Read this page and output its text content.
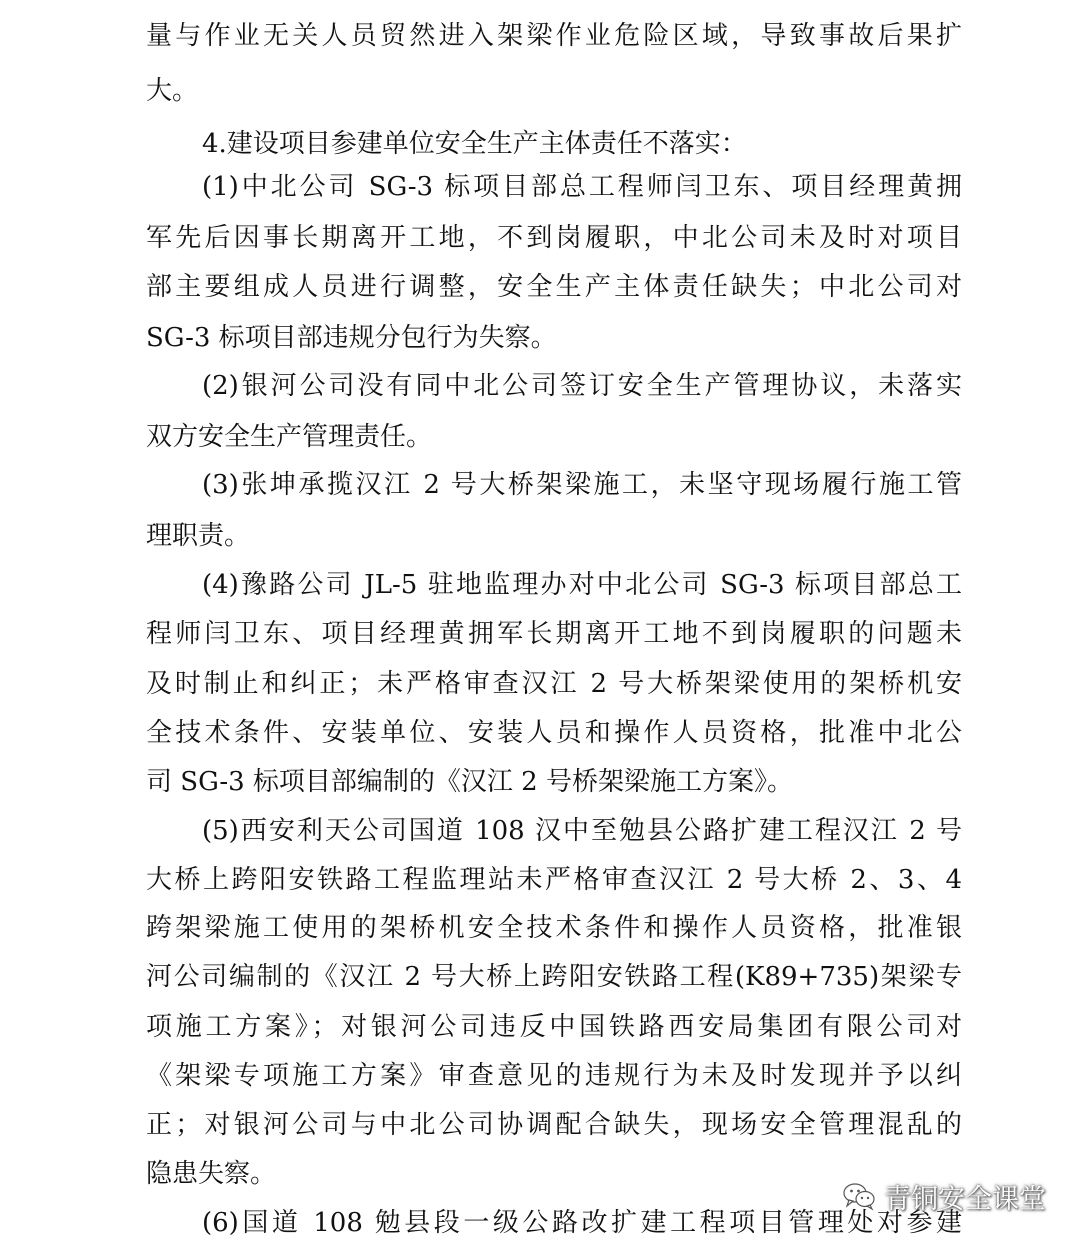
量与作业无关人员贸然进入架梁作业危险区域，导致事故后果扩
大。
4.建设项目参建单位安全生产主体责任不落实：
(1)中北公司 SG-3 标项目部总工程师闫卫东、项目经理黄拥
军先后因事长期离开工地，不到岗履职，中北公司未及时对项目
部主要组成人员进行调整，安全生产主体责任缺失；中北公司对
SG-3 标项目部违规分包行为失察。
(2)银河公司没有同中北公司签订安全生产管理协议，未落实
双方安全生产管理责任。
(3)张坤承揽汉江 2 号大桥架梁施工，未坚守现场履行施工管
理职责。
(4)豫路公司 JL-5 驻地监理办对中北公司 SG-3 标项目部总工
程师闫卫东、项目经理黄拥军长期离开工地不到岗履职的问题未
及时制止和纠正；未严格审查汉江 2 号大桥架梁使用的架桥机安
全技术条件、安装单位、安装人员和操作人员资格，批准中北公
司 SG-3 标项目部编制的《汉江 2 号桥架梁施工方案》。
(5)西安利天公司国道 108 汉中至勉县公路扩建工程汉江 2 号
大桥上跨阳安铁路工程监理站未严格审查汉江 2 号大桥 2、3、4
跨架梁施工使用的架桥机安全技术条件和操作人员资格，批准银
河公司编制的《汉江 2 号大桥上跨阳安铁路工程(K89+735)架梁专
项施工方案》；对银河公司违反中国铁路西安局集团有限公司对
《架梁专项施工方案》审查意见的违规行为未及时发现并予以纠
正；对银河公司与中北公司协调配合缺失，现场安全管理混乱的
隐患失察。
(6)国道 108 勉县段一级公路改扩建工程项目管理处对参建
青铜安全课堂
